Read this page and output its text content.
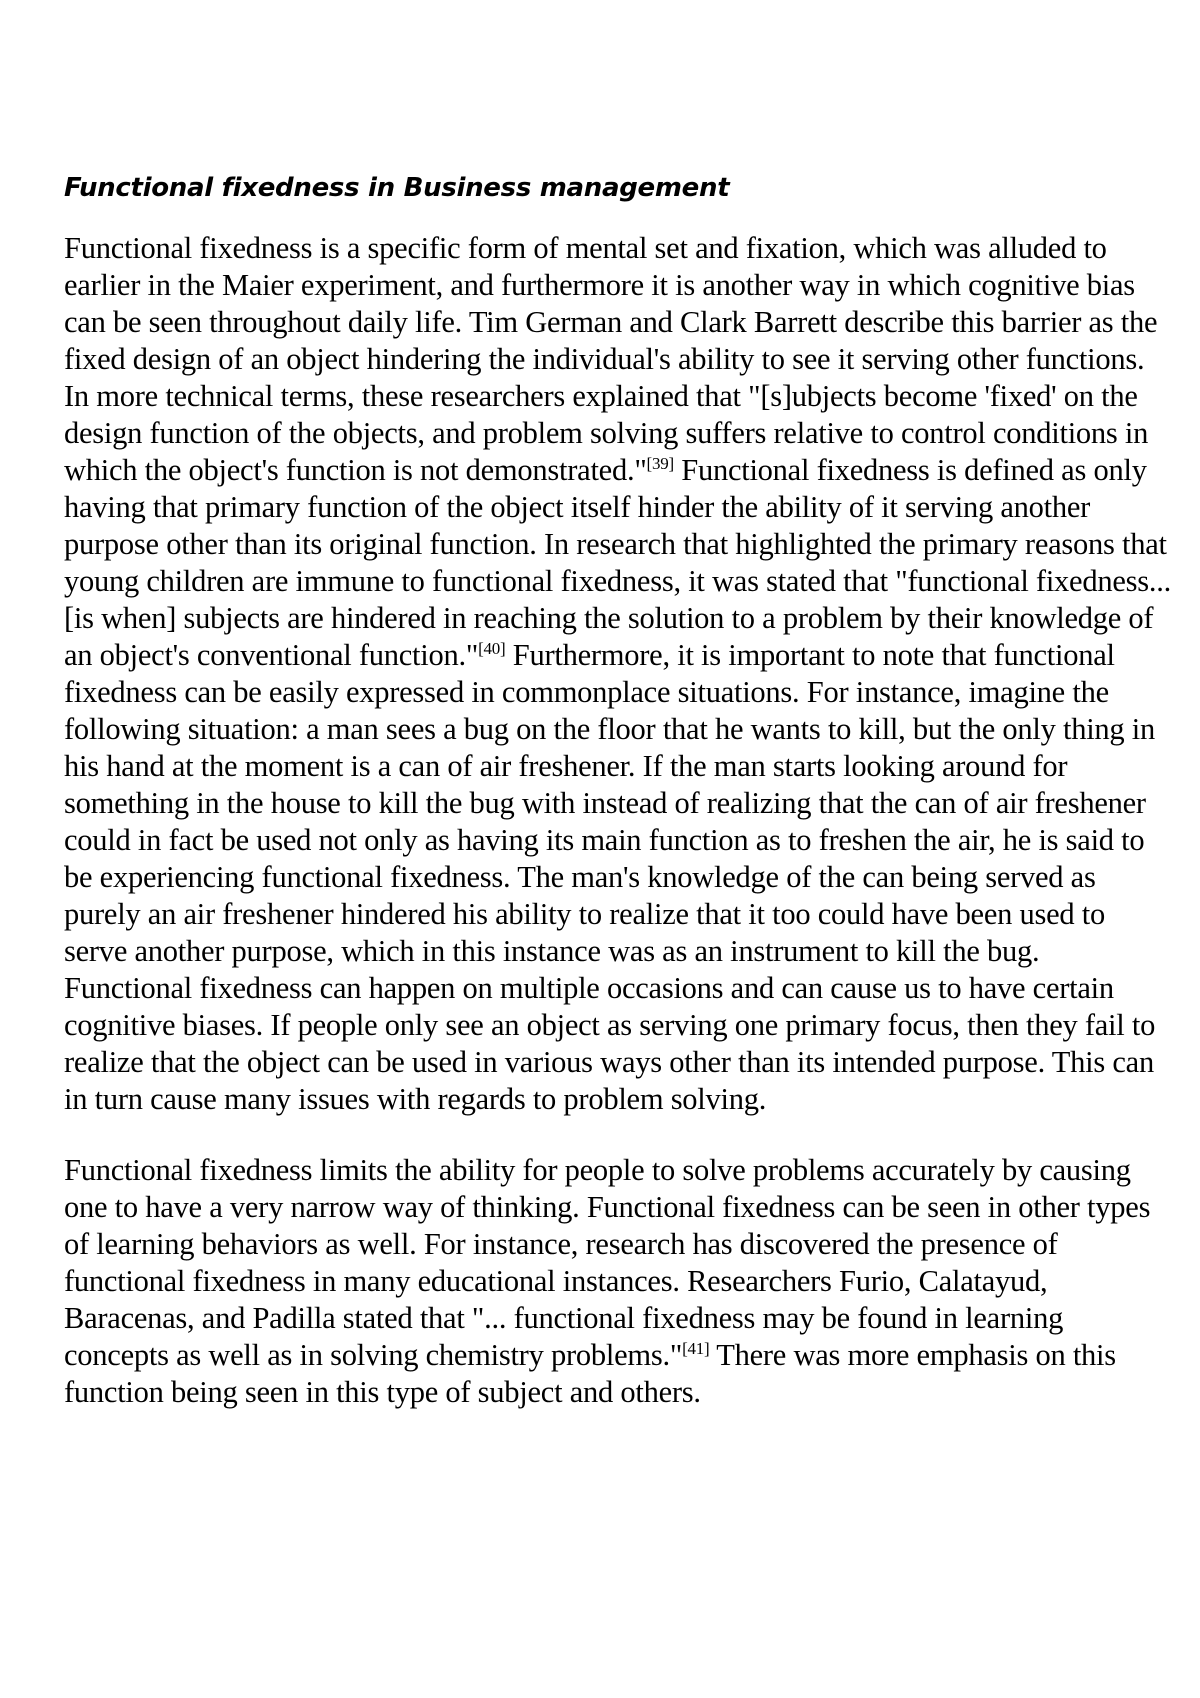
Functional fixedness in Business management

Functional fixedness is a specific form of mental set and fixation, which was alluded to earlier in the Maier experiment, and furthermore it is another way in which cognitive bias can be seen throughout daily life. Tim German and Clark Barrett describe this barrier as the fixed design of an object hindering the individual's ability to see it serving other functions. In more technical terms, these researchers explained that "[s]ubjects become 'fixed' on the design function of the objects, and problem solving suffers relative to control conditions in which the object's function is not demonstrated."[39] Functional fixedness is defined as only having that primary function of the object itself hinder the ability of it serving another purpose other than its original function. In research that highlighted the primary reasons that young children are immune to functional fixedness, it was stated that "functional fixedness... [is when] subjects are hindered in reaching the solution to a problem by their knowledge of an object's conventional function."[40] Furthermore, it is important to note that functional fixedness can be easily expressed in commonplace situations. For instance, imagine the following situation: a man sees a bug on the floor that he wants to kill, but the only thing in his hand at the moment is a can of air freshener. If the man starts looking around for something in the house to kill the bug with instead of realizing that the can of air freshener could in fact be used not only as having its main function as to freshen the air, he is said to be experiencing functional fixedness. The man's knowledge of the can being served as purely an air freshener hindered his ability to realize that it too could have been used to serve another purpose, which in this instance was as an instrument to kill the bug. Functional fixedness can happen on multiple occasions and can cause us to have certain cognitive biases. If people only see an object as serving one primary focus, then they fail to realize that the object can be used in various ways other than its intended purpose. This can in turn cause many issues with regards to problem solving.

Functional fixedness limits the ability for people to solve problems accurately by causing one to have a very narrow way of thinking. Functional fixedness can be seen in other types of learning behaviors as well. For instance, research has discovered the presence of functional fixedness in many educational instances. Researchers Furio, Calatayud, Baracenas, and Padilla stated that "... functional fixedness may be found in learning concepts as well as in solving chemistry problems."[41] There was more emphasis on this function being seen in this type of subject and others.
